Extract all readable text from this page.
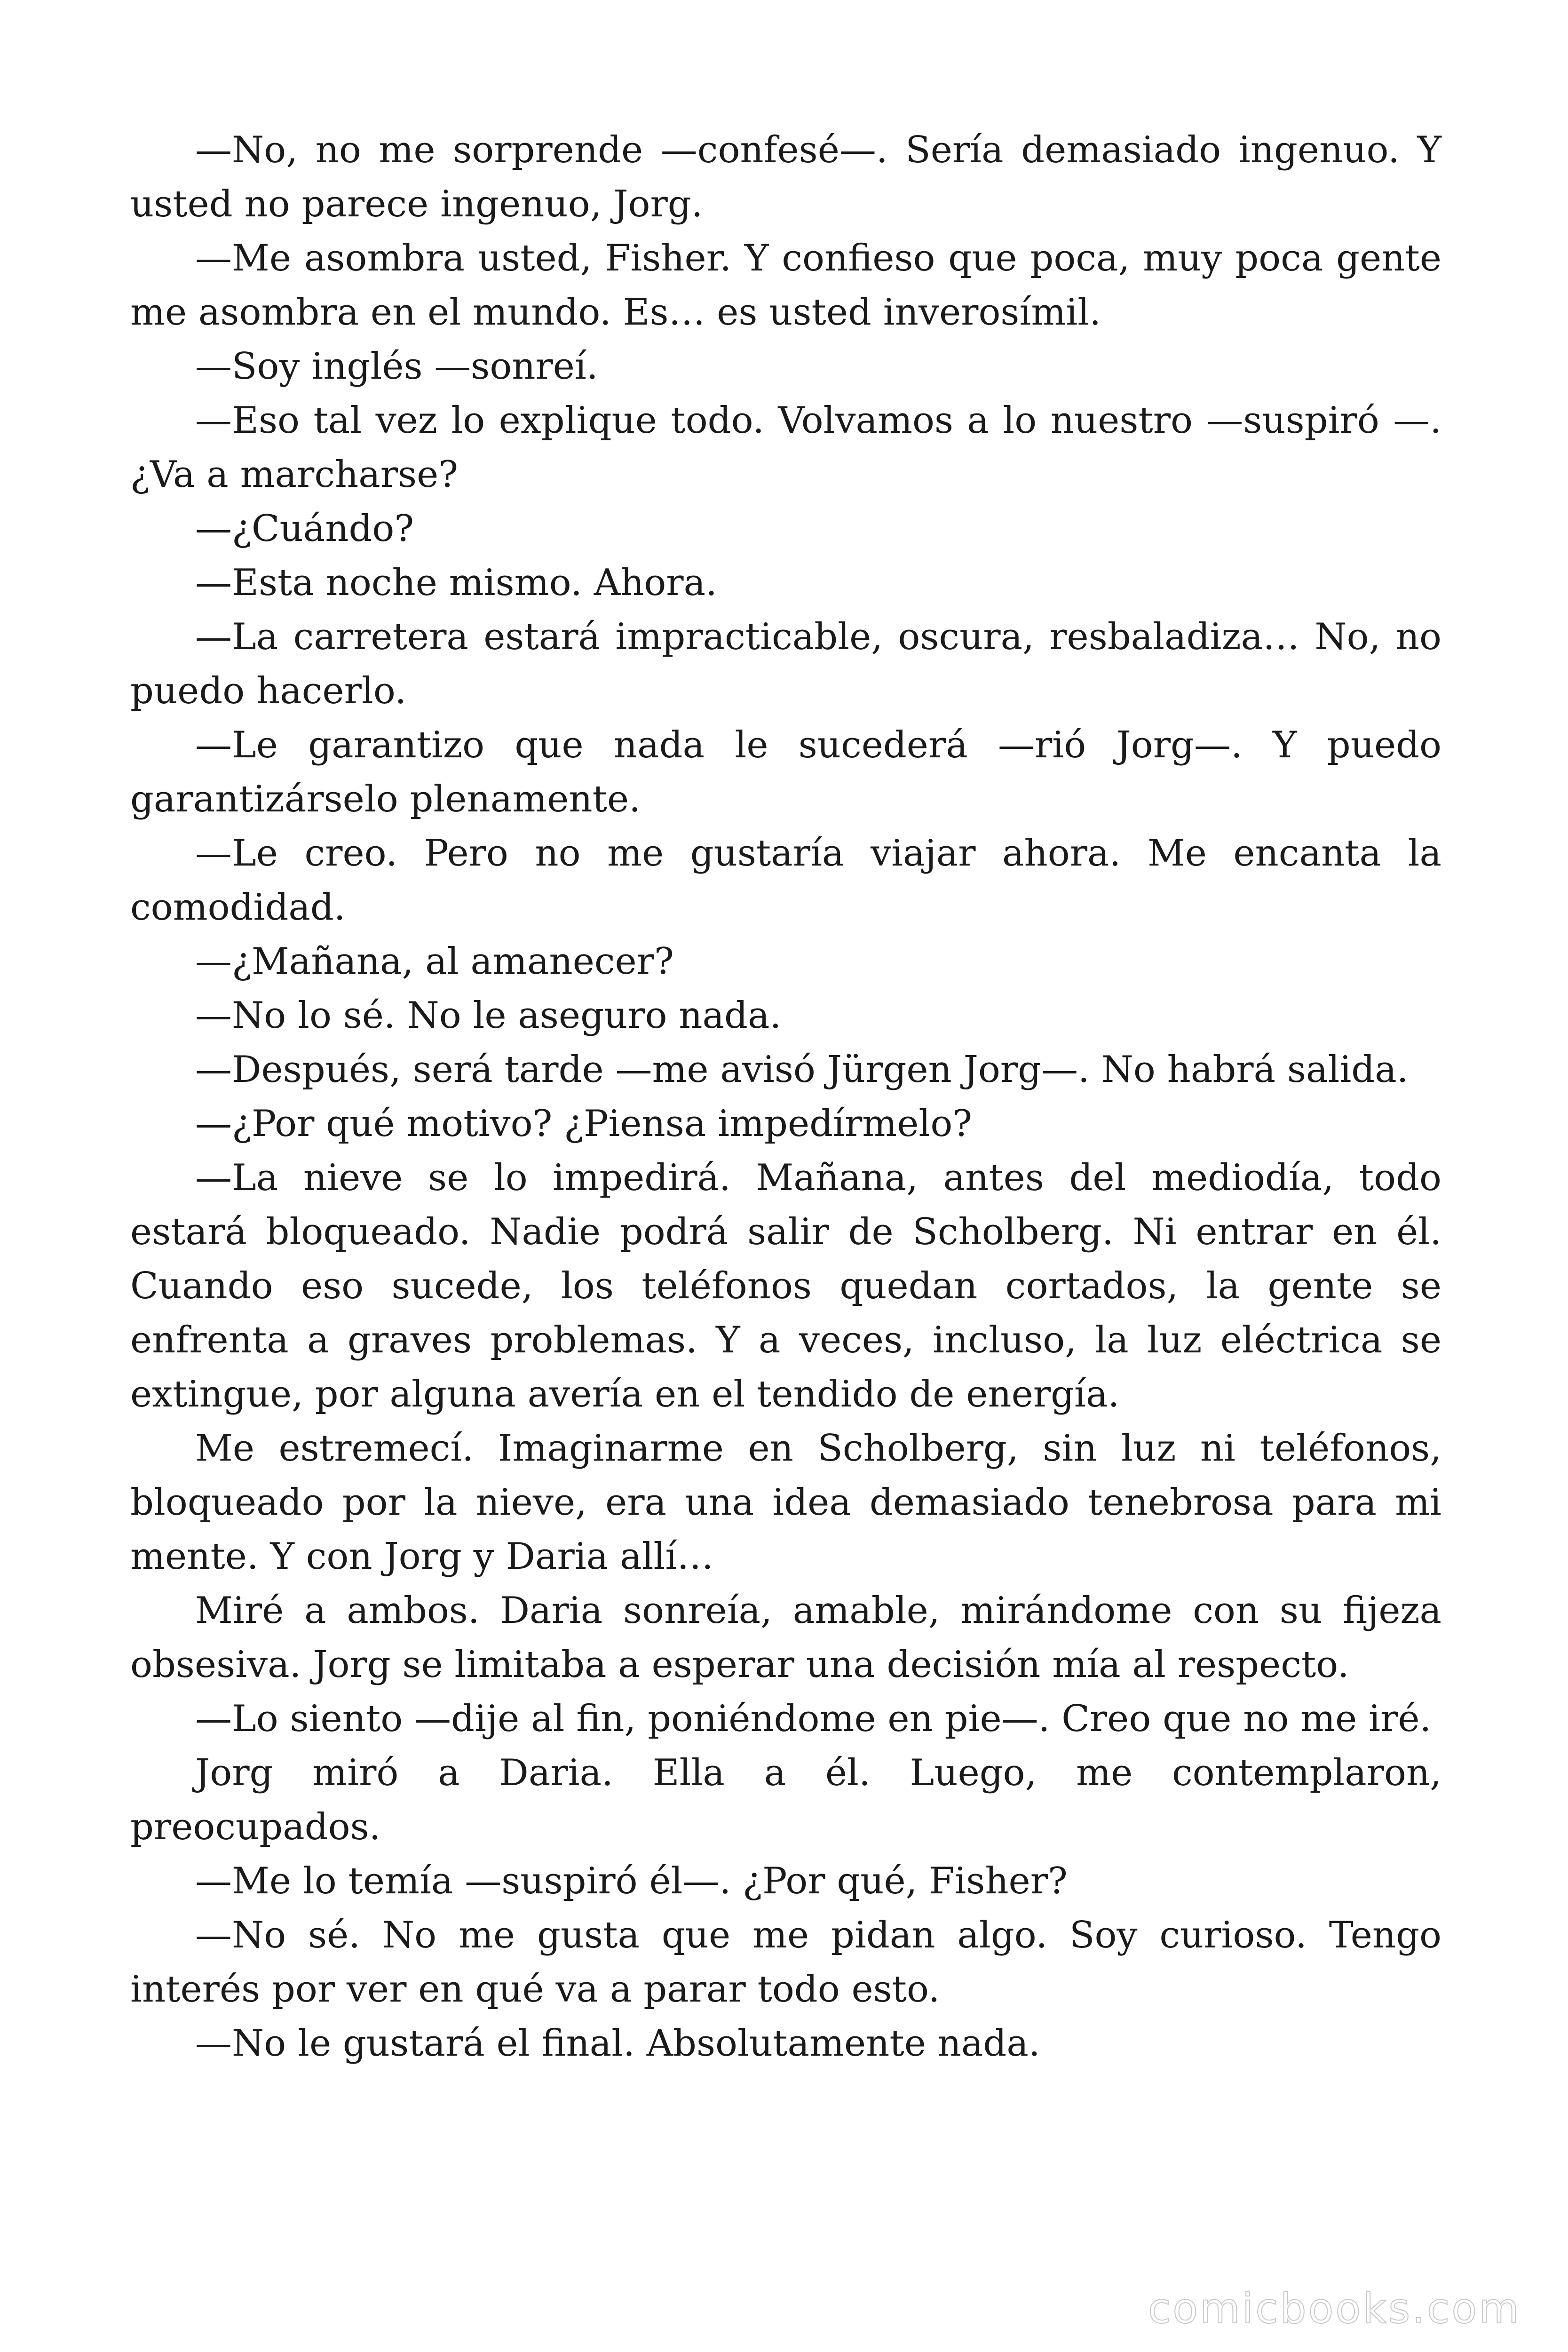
—No, no me sorprende —confesé—. Sería demasiado ingenuo. Y usted no parece ingenuo, Jorg.

—Me asombra usted, Fisher. Y confieso que poca, muy poca gente me asombra en el mundo. Es… es usted inverosímil.

—Soy inglés —sonreí.

—Eso tal vez lo explique todo. Volvamos a lo nuestro —suspiró —. ¿Va a marcharse?

—¿Cuándo?

—Esta noche mismo. Ahora.

—La carretera estará impracticable, oscura, resbaladiza… No, no puedo hacerlo.

—Le garantizo que nada le sucederá —rió Jorg—. Y puedo garantizárselo plenamente.

—Le creo. Pero no me gustaría viajar ahora. Me encanta la comodidad.

—¿Mañana, al amanecer?

—No lo sé. No le aseguro nada.

—Después, será tarde —me avisó Jürgen Jorg—. No habrá salida.

—¿Por qué motivo? ¿Piensa impedírmelo?

—La nieve se lo impedirá. Mañana, antes del mediodía, todo estará bloqueado. Nadie podrá salir de Scholberg. Ni entrar en él. Cuando eso sucede, los teléfonos quedan cortados, la gente se enfrenta a graves problemas. Y a veces, incluso, la luz eléctrica se extingue, por alguna avería en el tendido de energía.

Me estremecí. Imaginarme en Scholberg, sin luz ni teléfonos, bloqueado por la nieve, era una idea demasiado tenebrosa para mi mente. Y con Jorg y Daria allí…

Miré a ambos. Daria sonreía, amable, mirándome con su fijeza obsesiva. Jorg se limitaba a esperar una decisión mía al respecto.

—Lo siento —dije al fin, poniéndome en pie—. Creo que no me iré.

Jorg miró a Daria. Ella a él. Luego, me contemplaron, preocupados.

—Me lo temía —suspiró él—. ¿Por qué, Fisher?

—No sé. No me gusta que me pidan algo. Soy curioso. Tengo interés por ver en qué va a parar todo esto.

—No le gustará el final. Absolutamente nada.

comicbooks.com
